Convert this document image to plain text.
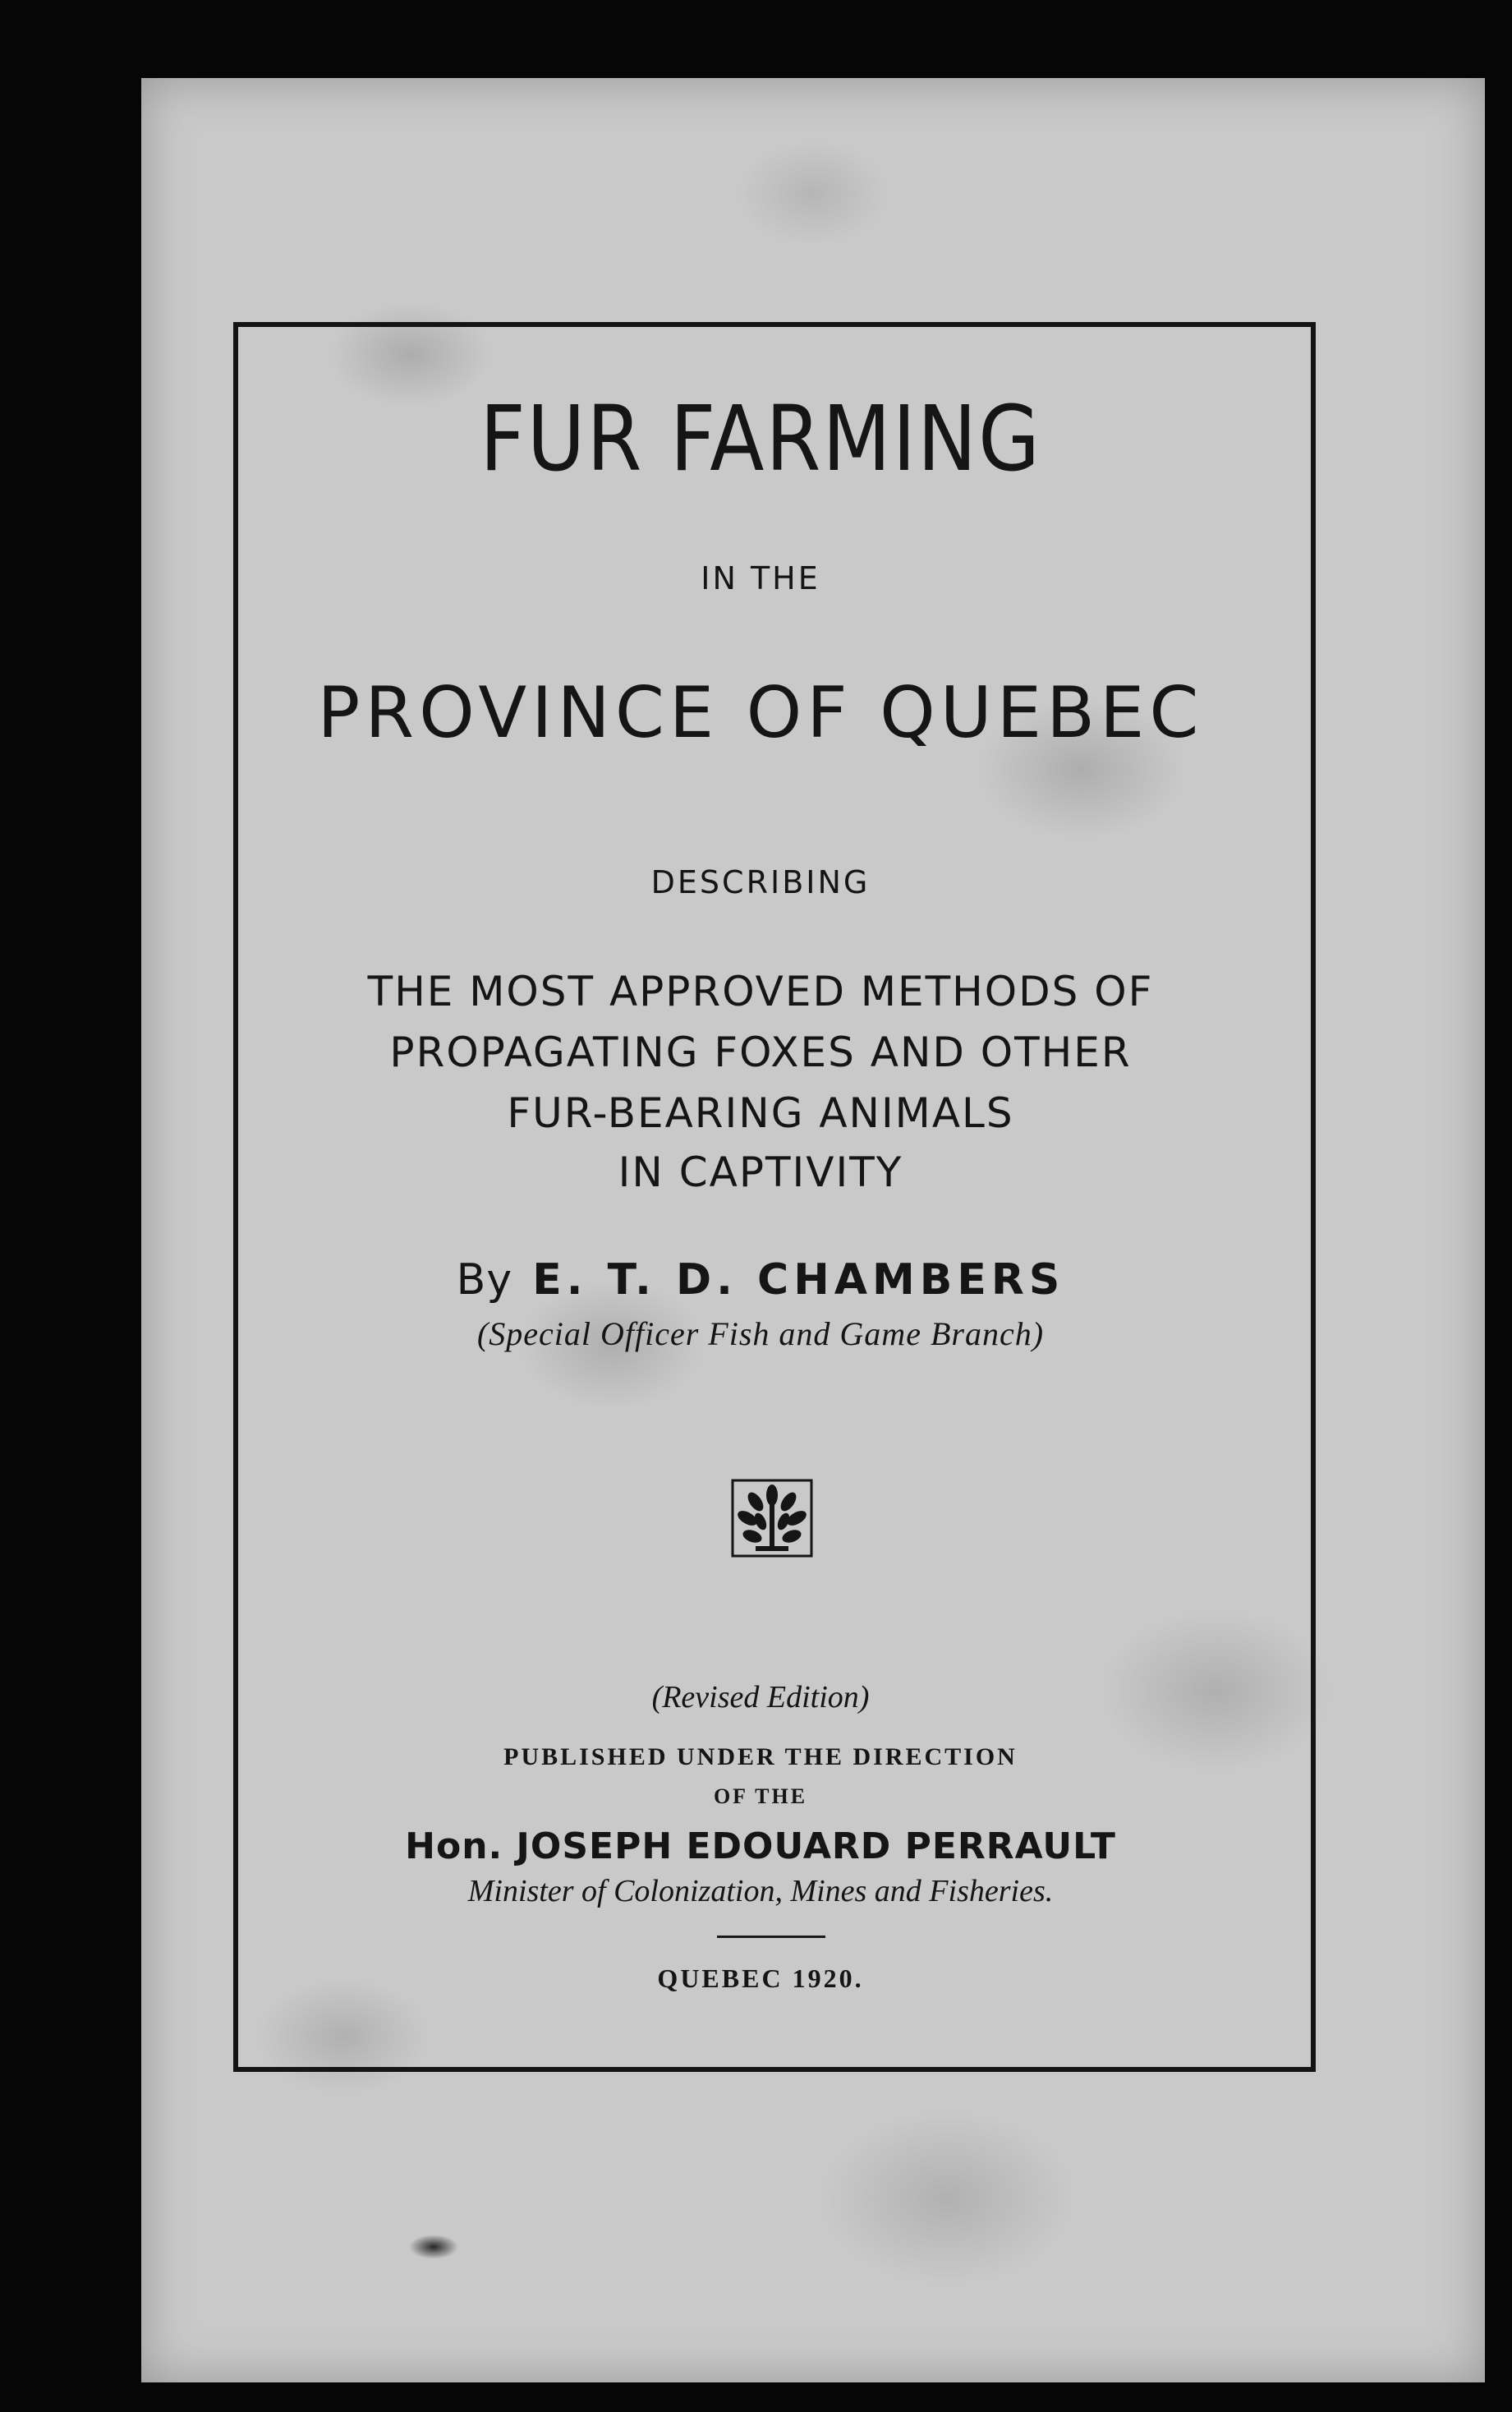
FUR FARMING
IN THE
PROVINCE OF QUEBEC
DESCRIBING
THE MOST APPROVED METHODS OF
PROPAGATING FOXES AND OTHER
FUR-BEARING ANIMALS
IN CAPTIVITY
By E. T. D. CHAMBERS
(Special Officer Fish and Game Branch)
(Revised Edition)
PUBLISHED UNDER THE DIRECTION
OF THE
Hon. JOSEPH EDOUARD PERRAULT
Minister of Colonization, Mines and Fisheries.
QUEBEC 1920.
